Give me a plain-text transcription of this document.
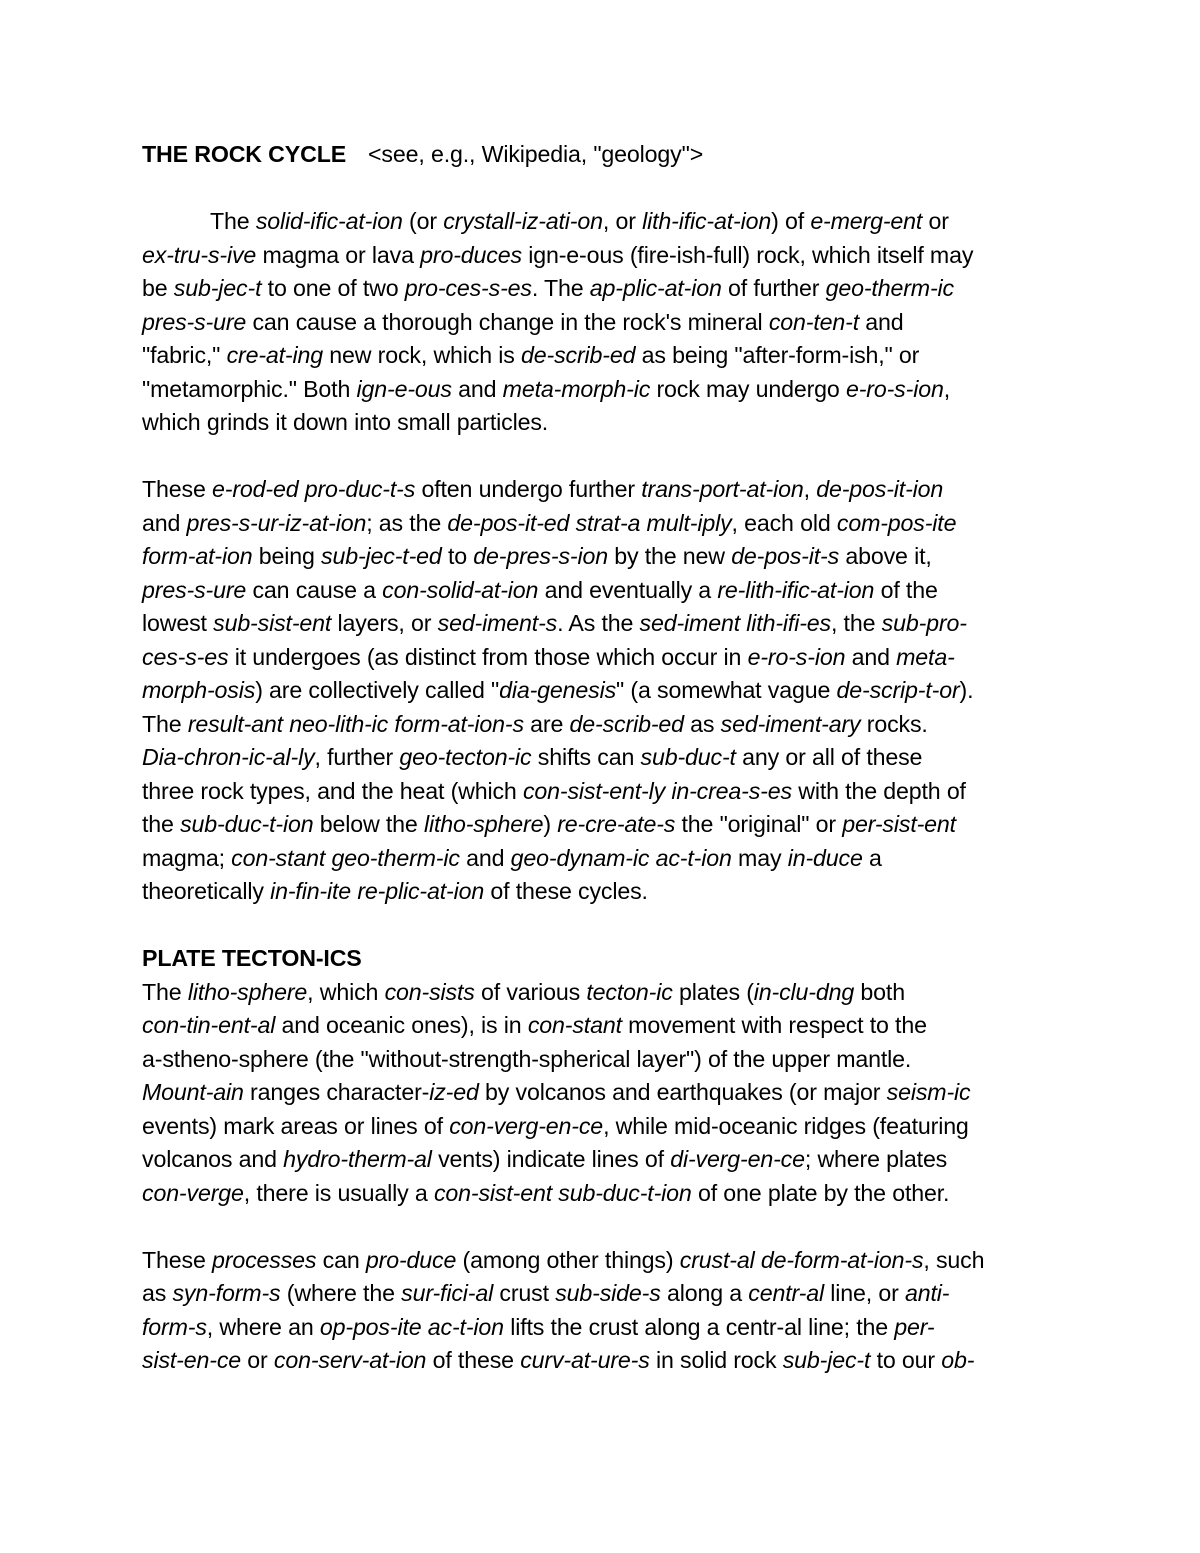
THE ROCK CYCLE <see, e.g., Wikipedia, "geology">
The solid-ific-at-ion (or crystall-iz-ati-on, or lith-ific-at-ion) of e-merg-ent or
ex-tru-s-ive magma or lava pro-duces ign-e-ous (fire-ish-full) rock, which itself may
be sub-jec-t to one of two pro-ces-s-es. The ap-plic-at-ion of further geo-therm-ic
pres-s-ure can cause a thorough change in the rock's mineral con-ten-t and
"fabric," cre-at-ing new rock, which is de-scrib-ed as being "after-form-ish," or
"metamorphic." Both ign-e-ous and meta-morph-ic rock may undergo e-ro-s-ion,
which grinds it down into small particles.
These e-rod-ed pro-duc-t-s often undergo further trans-port-at-ion, de-pos-it-ion
and pres-s-ur-iz-at-ion; as the de-pos-it-ed strat-a mult-iply, each old com-pos-ite
form-at-ion being sub-jec-t-ed to de-pres-s-ion by the new de-pos-it-s above it,
pres-s-ure can cause a con-solid-at-ion and eventually a re-lith-ific-at-ion of the
lowest sub-sist-ent layers, or sed-iment-s. As the sed-iment lith-ifi-es, the sub-pro-
ces-s-es it undergoes (as distinct from those which occur in e-ro-s-ion and meta-
morph-osis) are collectively called "dia-genesis" (a somewhat vague de-scrip-t-or).
The result-ant neo-lith-ic form-at-ion-s are de-scrib-ed as sed-iment-ary rocks.
Dia-chron-ic-al-ly, further geo-tecton-ic shifts can sub-duc-t any or all of these
three rock types, and the heat (which con-sist-ent-ly in-crea-s-es with the depth of
the sub-duc-t-ion below the litho-sphere) re-cre-ate-s the "original" or per-sist-ent
magma; con-stant geo-therm-ic and geo-dynam-ic ac-t-ion may in-duce a
theoretically in-fin-ite re-plic-at-ion of these cycles.
PLATE TECTON-ICS
The litho-sphere, which con-sists of various tecton-ic plates (in-clu-dng both
con-tin-ent-al and oceanic ones), is in con-stant movement with respect to the
a-stheno-sphere (the "without-strength-spherical layer") of the upper mantle.
Mount-ain ranges character-iz-ed by volcanos and earthquakes (or major seism-ic
events) mark areas or lines of con-verg-en-ce, while mid-oceanic ridges (featuring
volcanos and hydro-therm-al vents) indicate lines of di-verg-en-ce; where plates
con-verge, there is usually a con-sist-ent sub-duc-t-ion of one plate by the other.
These processes can pro-duce (among other things) crust-al de-form-at-ion-s, such
as syn-form-s (where the sur-fici-al crust sub-side-s along a centr-al line, or anti-
form-s, where an op-pos-ite ac-t-ion lifts the crust along a centr-al line; the per-
sist-en-ce or con-serv-at-ion of these curv-at-ure-s in solid rock sub-jec-t to our ob-
